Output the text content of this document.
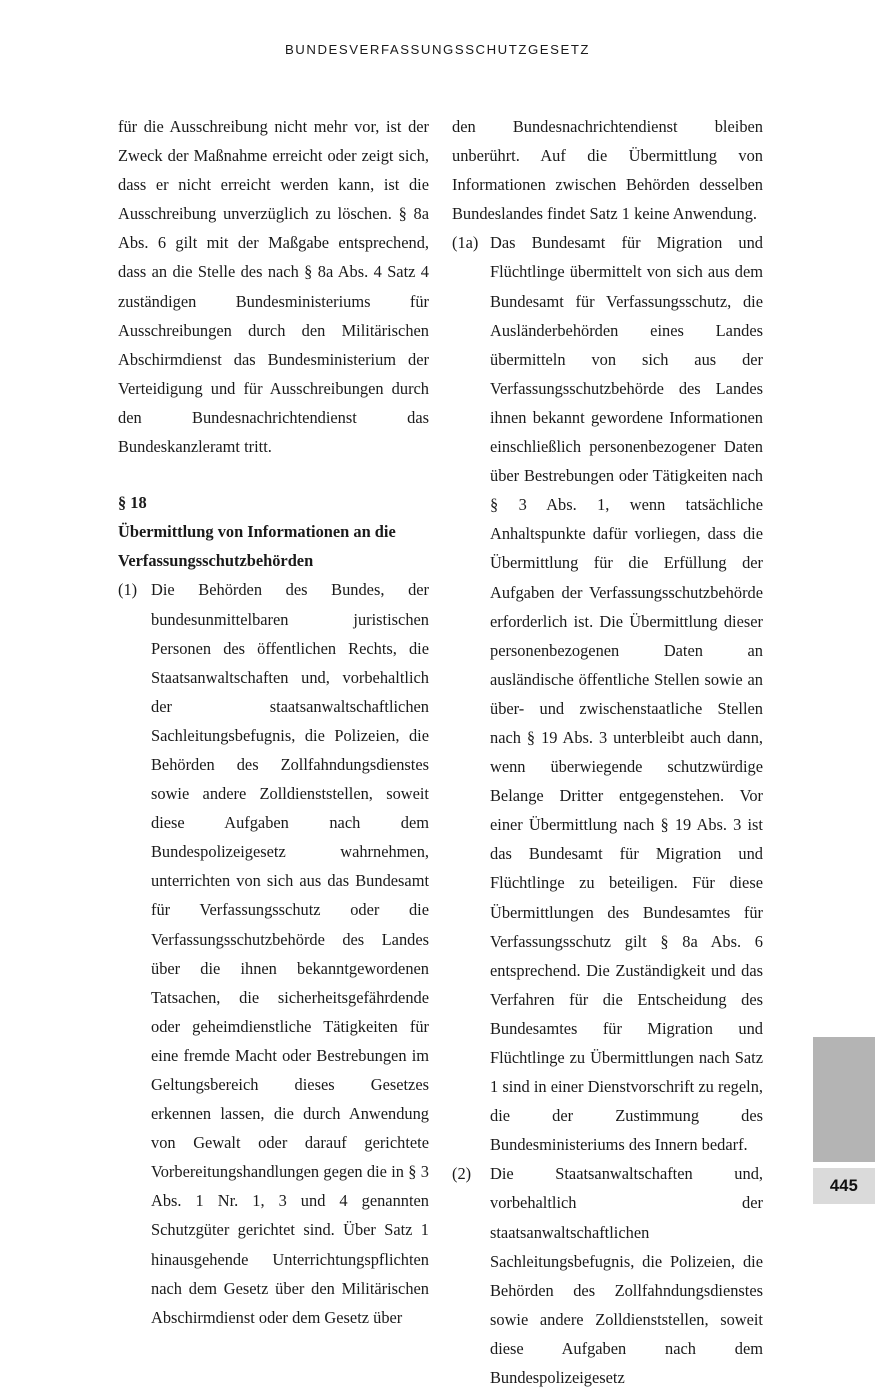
BUNDESVERFASSUNGSSCHUTZGESETZ

für die Ausschreibung nicht mehr vor, ist der Zweck der Maßnahme erreicht oder zeigt sich, dass er nicht erreicht werden kann, ist die Ausschreibung unverzüglich zu löschen. § 8a Abs. 6 gilt mit der Maßgabe entsprechend, dass an die Stelle des nach § 8a Abs. 4 Satz 4 zuständigen Bundesministeriums für Ausschreibungen durch den Militärischen Abschirmdienst das Bundesministerium der Verteidigung und für Ausschreibungen durch den Bundesnachrichtendienst das Bundeskanzleramt tritt.

§ 18

Übermittlung von Informationen an die
Verfassungsschutzbehörden

(1) Die Behörden des Bundes, der bundesunmittelbaren juristischen Personen des öffentlichen Rechts, die Staatsanwaltschaften und, vorbehaltlich der staatsanwaltschaftlichen Sachleitungsbefugnis, die Polizeien, die Behörden des Zollfahndungsdienstes sowie andere Zolldienststellen, soweit diese Aufgaben nach dem Bundespolizeigesetz wahrnehmen, unterrichten von sich aus das Bundesamt für Verfassungsschutz oder die Verfassungsschutzbehörde des Landes über die ihnen bekanntgewordenen Tatsachen, die sicherheitsgefährdende oder geheimdienstliche Tätigkeiten für eine fremde Macht oder Bestrebungen im Geltungsbereich dieses Gesetzes erkennen lassen, die durch Anwendung von Gewalt oder darauf gerichtete Vorbereitungshandlungen gegen die in § 3 Abs. 1 Nr. 1, 3 und 4 genannten Schutzgüter gerichtet sind. Über Satz 1 hinausgehende Unterrichtungspflichten nach dem Gesetz über den Militärischen Abschirmdienst oder dem Gesetz über

den Bundesnachrichtendienst bleiben unberührt. Auf die Übermittlung von Informationen zwischen Behörden desselben Bundeslandes findet Satz 1 keine Anwendung.

(1a) Das Bundesamt für Migration und Flüchtlinge übermittelt von sich aus dem Bundesamt für Verfassungsschutz, die Ausländerbehörden eines Landes übermitteln von sich aus der Verfassungsschutzbehörde des Landes ihnen bekannt gewordene Informationen einschließlich personenbezogener Daten über Bestrebungen oder Tätigkeiten nach § 3 Abs. 1, wenn tatsächliche Anhaltspunkte dafür vorliegen, dass die Übermittlung für die Erfüllung der Aufgaben der Verfassungsschutzbehörde erforderlich ist. Die Übermittlung dieser personenbezogenen Daten an ausländische öffentliche Stellen sowie an über- und zwischenstaatliche Stellen nach § 19 Abs. 3 unterbleibt auch dann, wenn überwiegende schutzwürdige Belange Dritter entgegenstehen. Vor einer Übermittlung nach § 19 Abs. 3 ist das Bundesamt für Migration und Flüchtlinge zu beteiligen. Für diese Übermittlungen des Bundesamtes für Verfassungsschutz gilt § 8a Abs. 6 entsprechend. Die Zuständigkeit und das Verfahren für die Entscheidung des Bundesamtes für Migration und Flüchtlinge zu Übermittlungen nach Satz 1 sind in einer Dienstvorschrift zu regeln, die der Zustimmung des Bundesministeriums des Innern bedarf.

(2)	Die Staatsanwaltschaften und, vorbehaltlich der staatsanwaltschaftlichen Sachleitungsbefugnis, die Polizeien, die Behörden des Zollfahndungsdienstes sowie andere Zolldienststellen, soweit diese Aufgaben nach dem Bundespolizeigesetz

445
